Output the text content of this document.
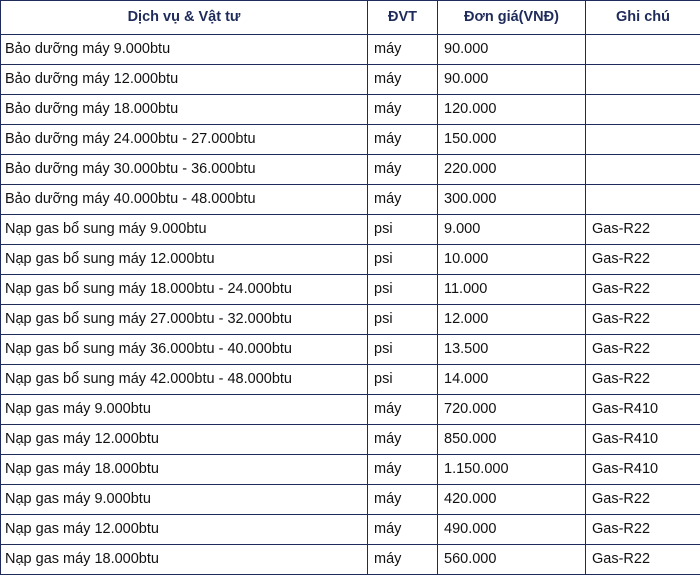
Dịch vụ & Vật tư	ĐVT	Đơn giá(VNĐ)	Ghi chú
Bảo dưỡng máy 9.000btu	máy	90.000	
Bảo dưỡng máy 12.000btu	máy	90.000	
Bảo dưỡng máy 18.000btu	máy	120.000	
Bảo dưỡng máy 24.000btu - 27.000btu	máy	150.000	
Bảo dưỡng máy 30.000btu - 36.000btu	máy	220.000	
Bảo dưỡng máy 40.000btu - 48.000btu	máy	300.000	
Nạp gas bổ sung máy 9.000btu	psi	9.000	Gas-R22
Nạp gas bổ sung máy 12.000btu	psi	10.000	Gas-R22
Nạp gas bổ sung máy 18.000btu - 24.000btu	psi	11.000	Gas-R22
Nạp gas bổ sung máy 27.000btu - 32.000btu	psi	12.000	Gas-R22
Nạp gas bổ sung máy 36.000btu - 40.000btu	psi	13.500	Gas-R22
Nạp gas bổ sung máy 42.000btu - 48.000btu	psi	14.000	Gas-R22
Nạp gas máy 9.000btu	máy	720.000	Gas-R410
Nạp gas máy 12.000btu	máy	850.000	Gas-R410
Nạp gas máy 18.000btu	máy	1.150.000	Gas-R410
Nạp gas máy 9.000btu	máy	420.000	Gas-R22
Nạp gas máy 12.000btu	máy	490.000	Gas-R22
Nạp gas máy 18.000btu	máy	560.000	Gas-R22
